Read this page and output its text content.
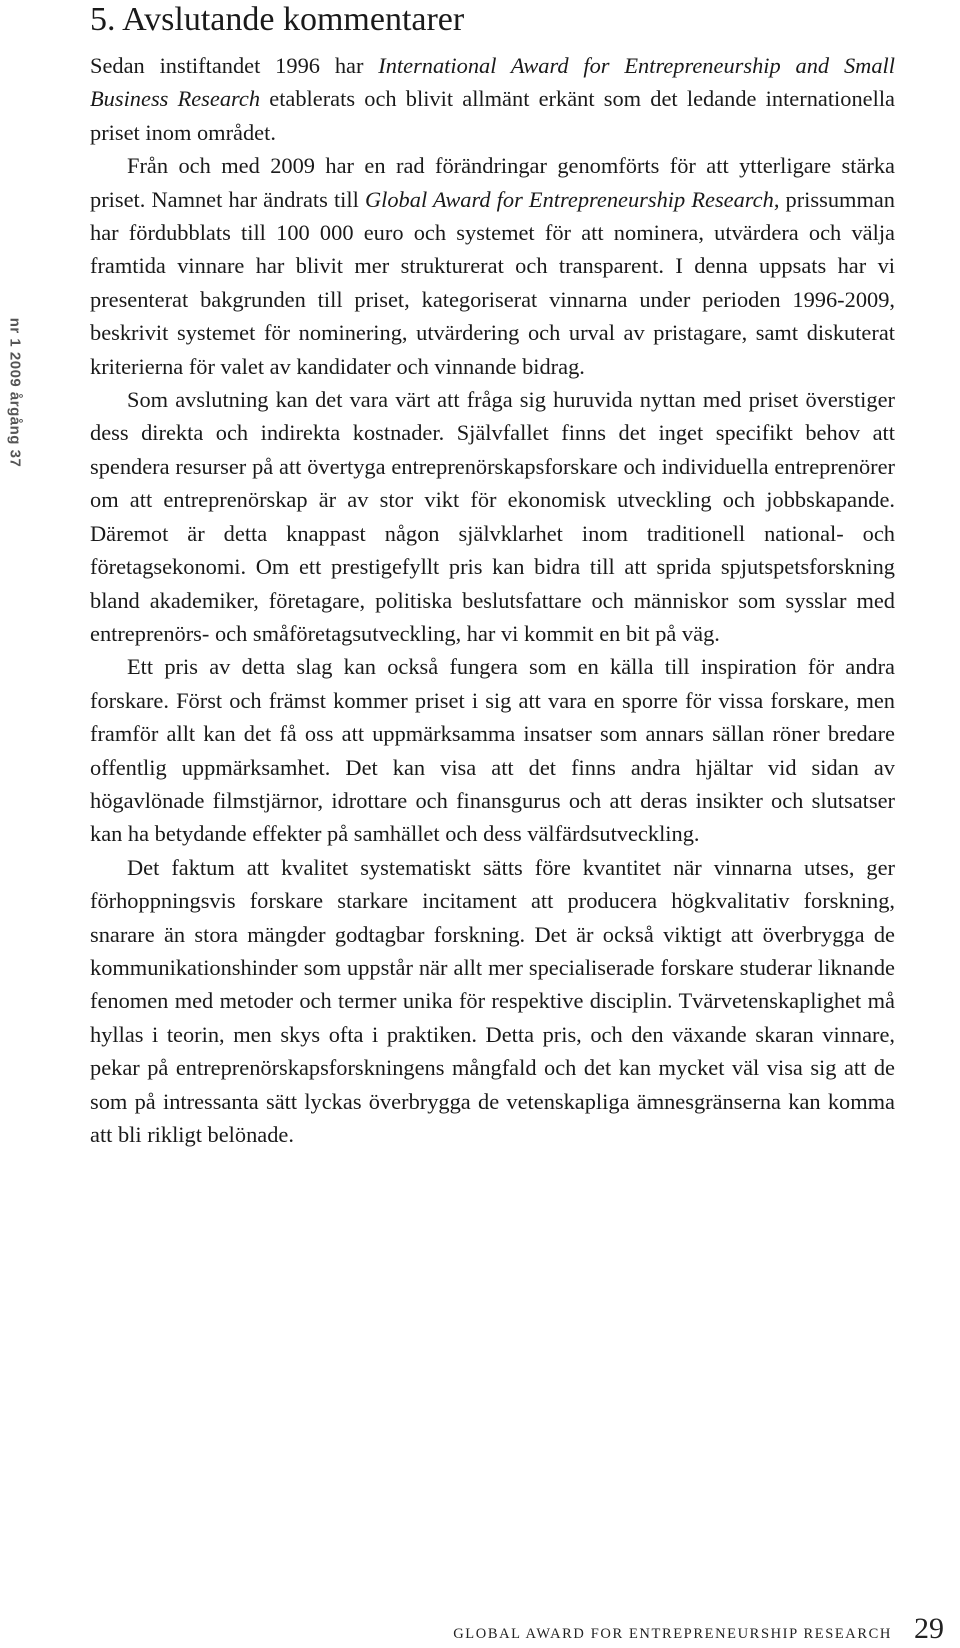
nr 1 2009 årgång 37
5. Avslutande kommentarer

Sedan instiftandet 1996 har International Award for Entrepreneurship and Small Business Research etablerats och blivit allmänt erkänt som det ledande internationella priset inom området.

Från och med 2009 har en rad förändringar genomförts för att ytterligare stärka priset. Namnet har ändrats till Global Award for Entrepreneurship Research, prissumman har fördubblats till 100 000 euro och systemet för att nominera, utvärdera och välja framtida vinnare har blivit mer strukturerat och transparent. I denna uppsats har vi presenterat bakgrunden till priset, kategoriserat vinnarna under perioden 1996-2009, beskrivit systemet för nominering, utvärdering och urval av pristagare, samt diskuterat kriterierna för valet av kandidater och vinnande bidrag.

Som avslutning kan det vara värt att fråga sig huruvida nyttan med priset överstiger dess direkta och indirekta kostnader. Självfallet finns det inget specifikt behov att spendera resurser på att övertyga entreprenörskapsforskare och individuella entreprenörer om att entreprenörskap är av stor vikt för ekonomisk utveckling och jobbskapande. Däremot är detta knappast någon självklarhet inom traditionell national- och företagsekonomi. Om ett prestigefyllt pris kan bidra till att sprida spjutspetsforskning bland akademiker, företagare, politiska beslutsfattare och människor som sysslar med entreprenörs- och småföretagsutveckling, har vi kommit en bit på väg.

Ett pris av detta slag kan också fungera som en källa till inspiration för andra forskare. Först och främst kommer priset i sig att vara en sporre för vissa forskare, men framför allt kan det få oss att uppmärksamma insatser som annars sällan röner bredare offentlig uppmärksamhet. Det kan visa att det finns andra hjältar vid sidan av högavlönade filmstjärnor, idrottare och finansgurus och att deras insikter och slutsatser kan ha betydande effekter på samhället och dess välfärdsutveckling.

Det faktum att kvalitet systematiskt sätts före kvantitet när vinnarna utses, ger förhoppningsvis forskare starkare incitament att producera högkvalitativ forskning, snarare än stora mängder godtagbar forskning. Det är också viktigt att överbrygga de kommunikationshinder som uppstår när allt mer specialiserade forskare studerar liknande fenomen med metoder och termer unika för respektive disciplin. Tvärvetenskaplighet må hyllas i teorin, men skys ofta i praktiken. Detta pris, och den växande skaran vinnare, pekar på entreprenörskapsforskningens mångfald och det kan mycket väl visa sig att de som på intressanta sätt lyckas överbrygga de vetenskapliga ämnesgränserna kan komma att bli rikligt belönade.

GLOBAL AWARD FOR ENTREPRENEURSHIP RESEARCH 29
